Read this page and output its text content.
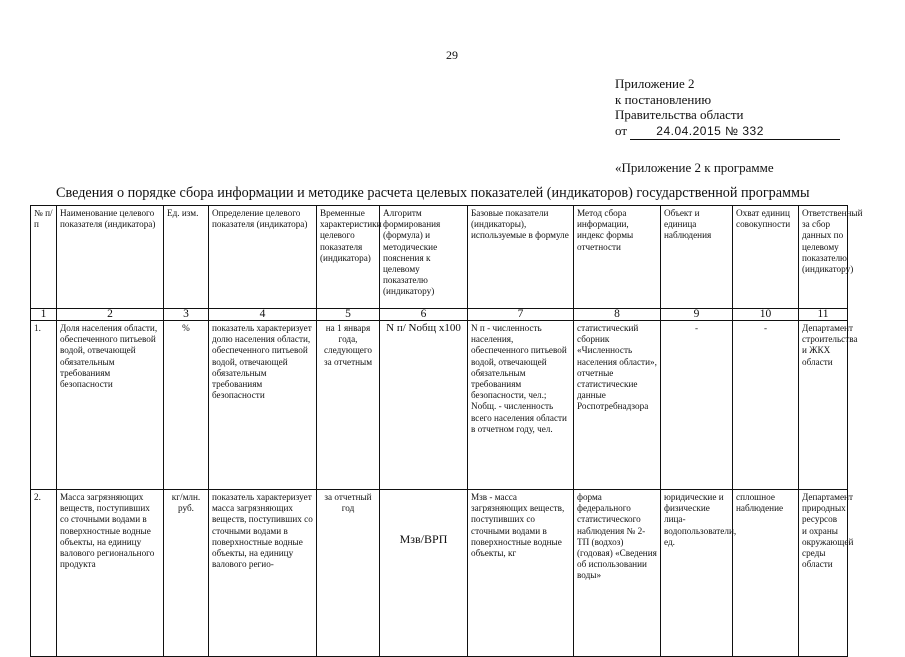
29
Приложение 2
к постановлению
Правительства области
от 24.04.2015 № 332
«Приложение 2 к программе
Сведения о порядке сбора информации и методике расчета целевых показателей (индикаторов) государственной программы
№ п/п	Наименование целевого показателя (индикатора)	Ед. изм.	Определение целевого показателя (индикатора)	Временные характеристики целевого показателя (индикатора)	Алгоритм формирования (формула) и методические пояснения к целевому показателю (индикатору)	Базовые показатели (индикаторы), используемые в формуле	Метод сбора информации, индекс формы отчетности	Объект и единица наблюдения	Охват единиц совокупности	Ответственный за сбор данных по целевому показателю (индикатору)
1	2	3	4	5	6	7	8	9	10	11
1.	Доля населения области, обеспеченного питьевой водой, отвечающей обязательным требованиям безопасности	%	показатель характеризует долю населения области, обеспеченного питьевой водой, отвечающей обязательным требованиям безопасности	на 1 января года, следующего за отчетным	N п/ Nобщ x100	N п - численность населения, обеспеченного питьевой водой, отвечающей обязательным требованиям безопасности, чел.; Nобщ. - численность всего населения области в отчетном году, чел.	статистический сборник «Численность населения области», отчетные статистические данные Роспотребнадзора	-	-	Департамент строительства и ЖКХ области
2.	Масса загрязняющих веществ, поступивших со сточными водами в поверхностные водные объекты, на единицу валового регионального продукта	кг/млн. руб.	показатель характеризует масса загрязняющих веществ, поступивших со сточными водами в поверхностные водные объекты, на единицу валового регио-	за отчетный год	Мзв/ВРП	Мзв - масса загрязняющих веществ, поступивших со сточными водами в поверхностные водные объекты, кг	форма федерального статистического наблюдения № 2-ТП (водхоз) (годовая) «Сведения об использовании воды»	юридические и физические лица-водопользователи, ед.	сплошное наблюдение	Департамент природных ресурсов и охраны окружающей среды области
